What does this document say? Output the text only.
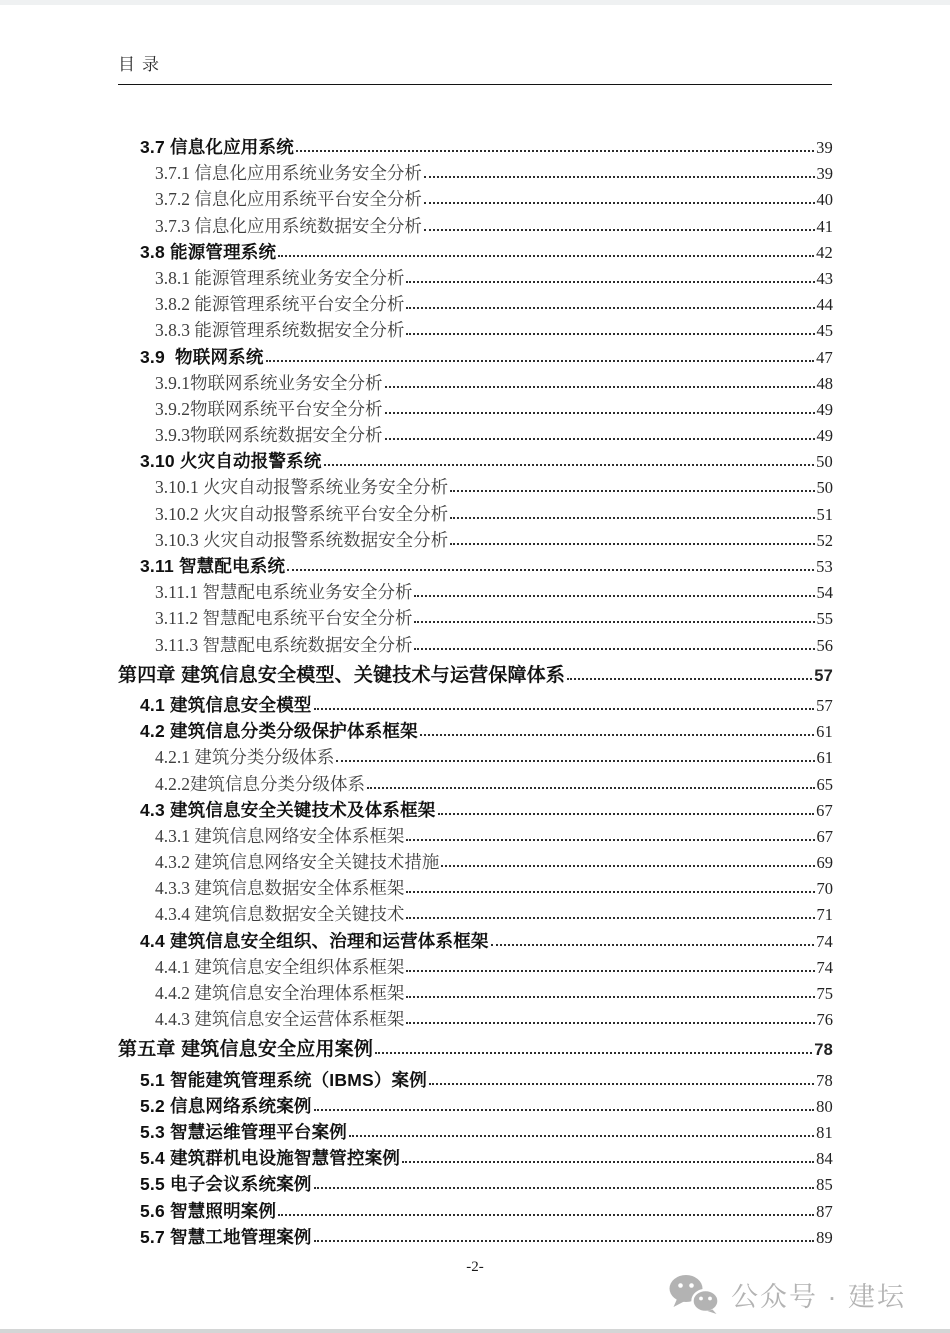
目录
3.7 信息化应用系统	39
3.7.1 信息化应用系统业务安全分析	39
3.7.2 信息化应用系统平台安全分析	40
3.7.3 信息化应用系统数据安全分析	41
3.8 能源管理系统	42
3.8.1 能源管理系统业务安全分析	43
3.8.2 能源管理系统平台安全分析	44
3.8.3 能源管理系统数据安全分析	45
3.9  物联网系统	47
3.9.1物联网系统业务安全分析	48
3.9.2物联网系统平台安全分析	49
3.9.3物联网系统数据安全分析	49
3.10 火灾自动报警系统	50
3.10.1 火灾自动报警系统业务安全分析	50
3.10.2 火灾自动报警系统平台安全分析	51
3.10.3 火灾自动报警系统数据安全分析	52
3.11 智慧配电系统	53
3.11.1 智慧配电系统业务安全分析	54
3.11.2 智慧配电系统平台安全分析	55
3.11.3 智慧配电系统数据安全分析	56
第四章 建筑信息安全模型、关键技术与运营保障体系	57
4.1 建筑信息安全模型	57
4.2 建筑信息分类分级保护体系框架	61
4.2.1 建筑分类分级体系	61
4.2.2建筑信息分类分级体系	65
4.3 建筑信息安全关键技术及体系框架	67
4.3.1 建筑信息网络安全体系框架	67
4.3.2 建筑信息网络安全关键技术措施	69
4.3.3 建筑信息数据安全体系框架	70
4.3.4 建筑信息数据安全关键技术	71
4.4 建筑信息安全组织、治理和运营体系框架	74
4.4.1 建筑信息安全组织体系框架	74
4.4.2 建筑信息安全治理体系框架	75
4.4.3 建筑信息安全运营体系框架	76
第五章 建筑信息安全应用案例	78
5.1 智能建筑管理系统（IBMS）案例	78
5.2 信息网络系统案例	80
5.3 智慧运维管理平台案例	81
5.4 建筑群机电设施智慧管控案例	84
5.5 电子会议系统案例	85
5.6 智慧照明案例	87
5.7 智慧工地管理案例	89
-2-
公众号 · 建坛
